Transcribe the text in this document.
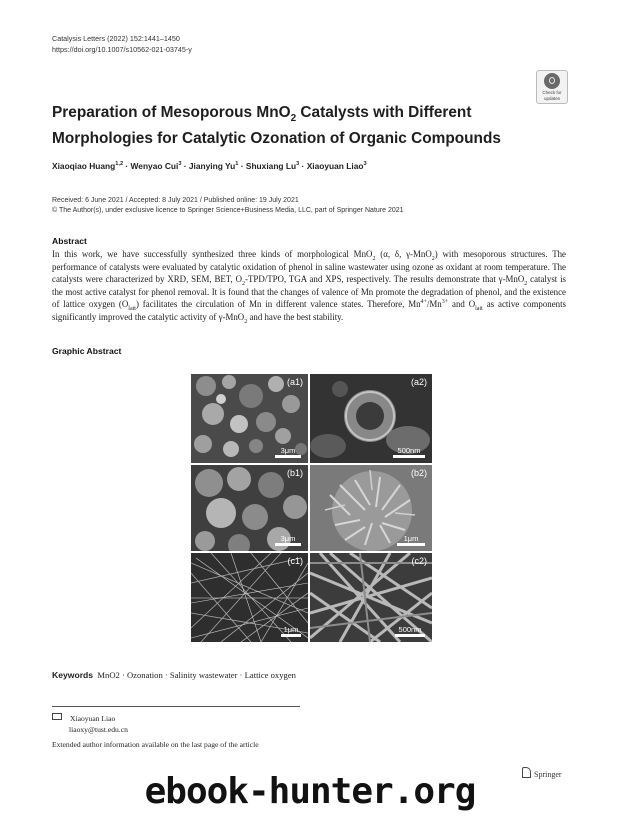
Catalysis Letters (2022) 152:1441–1450
https://doi.org/10.1007/s10562-021-03745-y
Check for
updates
Preparation of Mesoporous MnO$_2$ Catalysts with Different
Morphologies for Catalytic Ozonation of Organic Compounds
Xiaoqiao Huang$^{1,2}$ · Wenyao Cui$^3$ · Jianying $Yu^1$ · Shuxiang $Lu^3$ · Xiaoyuan Liao$^3$
Received: 6 June 2021 / Accepted: 8 July 2021 / Published online: 19 July 2021
© The Author(s), under exclusive licence to Springer Science+Business Media, LLC, part of Springer Nature 2021
Abstract
In this work, we have successfully synthesized three kinds of morphological MnO$_2$ (α, δ, γ-MnO$_2$) with mesoporous structures. The performance of catalysts were evaluated by catalytic oxidation of phenol in saline wastewater using ozone as oxidant at room temperature. The catalysts were characterized by XRD, SEM, BET, $O_2-TPD$/TPO, TGA and XPS, respectively. The results demonstrate that γ-MnO$_2$ catalyst is the most active catalyst for phenol removal. It is found that the changes of valence of Mn promote the degradation of phenol, and the existence of lattice oxygen $(O_{latt})$ facilitates the circulation of Mn in different valence states. Therefore, $Mn^{4+}/Mn^{3+}$ and $O_{latt}$ as active components significantly improved the catalytic activity of γ-MnO$_2$ and have the best stability.
Graphic Abstract
(a1)
3μm
(a2)
500nm
(b1)
3μm
(b2)
1μm
(c1)
1μm
(c2)
500nm
Keywords MnO2 · Ozonation · Salinity wastewater · Lattice oxygen
Xiaoyuan Liao
liaoxy@tust.edu.cn
Extended author information available on the last page of the article
Springer
ebook-hunter.org
